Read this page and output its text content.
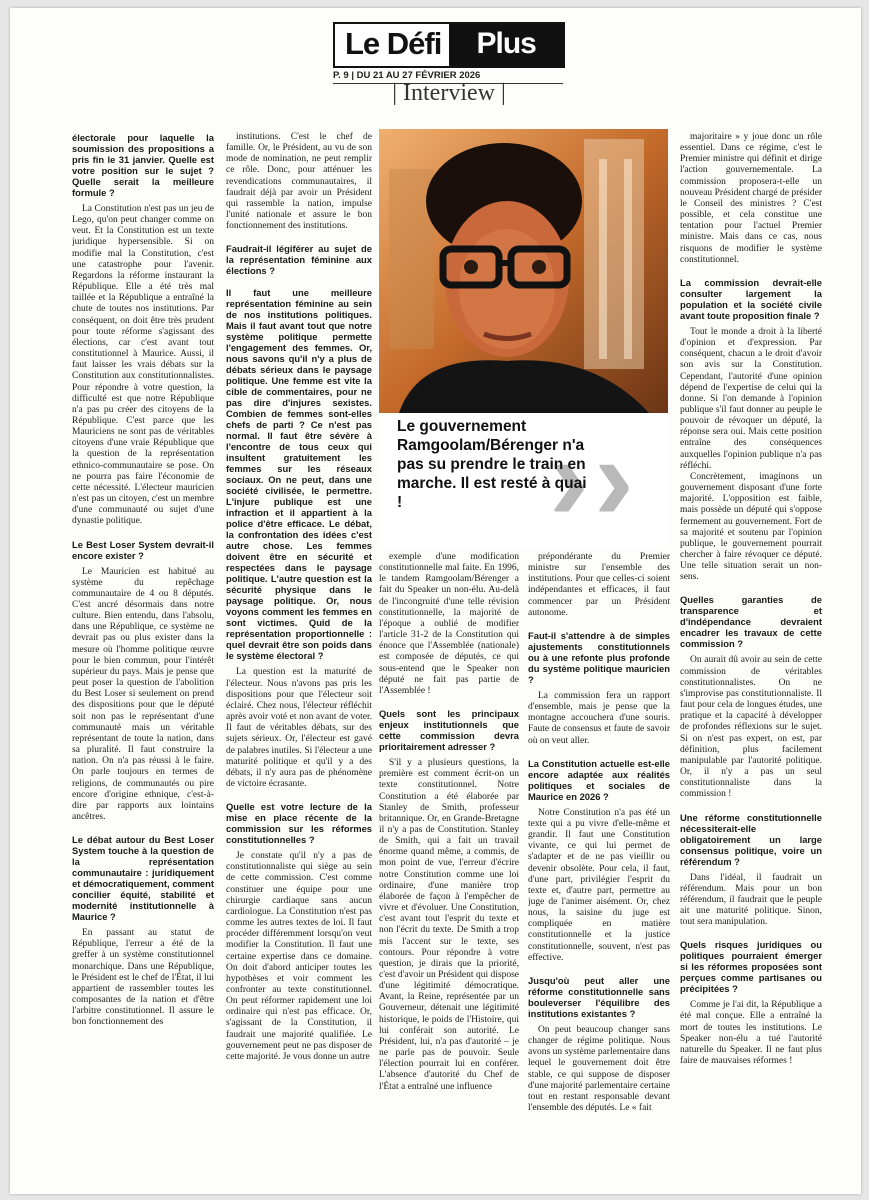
Le Défi	Plus
P. 9 | DU 21 AU 27 FÉVRIER 2026
| Interview |
› ›
Le gouvernement Ramgoolam/Bérenger n'a pas su prendre le train en marche. Il est resté à quai !

électorale pour laquelle la soumission des propositions a pris fin le 31 janvier. Quelle est votre position sur le sujet ? Quelle serait la meilleure formule ?

La Constitution n'est pas un jeu de Lego, qu'on peut changer comme on veut. Et la Constitution est un texte juridique hypersensible. Si on modifie mal la Constitution, c'est une catastrophe pour l'avenir. Regardons la réforme instaurant la République. Elle a été très mal taillée et la République a entraîné la chute de toutes nos institutions. Par conséquent, on doit être très prudent pour toute réforme s'agissant des élections, car c'est avant tout constitutionnel à Maurice. Aussi, il faut laisser les vrais débats sur la Constitution aux constitutionnalistes. Pour répondre à votre question, la difficulté est que notre République n'a pas pu créer des citoyens de la République. C'est parce que les Mauriciens ne sont pas de véritables citoyens d'une vraie République que la question de la représentation ethnico-communautaire se pose. On ne pourra pas faire l'économie de cette nécessité. L'électeur mauricien n'est pas un citoyen, c'est un membre d'une communauté ou sujet d'une dynastie politique.

Le Best Loser System devrait-il encore exister ?

Le Mauricien est habitué au système du repêchage communautaire de 4 ou 8 députés. C'est ancré désormais dans notre culture. Bien entendu, dans l'absolu, dans une République, ce système ne devrait pas ou plus exister dans la mesure où l'homme politique œuvre pour le bien commun, pour l'intérêt supérieur du pays. Mais je pense que peut poser la question de l'abolition du Best Loser si seulement on prend des dispositions pour que le député soit non pas le représentant d'une communauté mais un véritable représentant de toute la nation, dans sa pluralité. Il faut construire la nation. On n'a pas réussi à le faire. On parle toujours en termes de religions, de communautés ou pire encore d'origine ethnique, c'est-à-dire par rapports aux lointains ancêtres.

Le débat autour du Best Loser System touche à la question de la représentation communautaire : juridiquement et démocratiquement, comment concilier équité, stabilité et modernité institutionnelle à Maurice ?

En passant au statut de République, l'erreur a été de la greffer à un système constitutionnel monarchique. Dans une République, le Président est le chef de l'État, il lui appartient de rassembler toutes les composantes de la nation et d'être l'arbitre constitutionnel. Il assure le bon fonctionnement des

institutions. C'est le chef de famille. Or, le Président, au vu de son mode de nomination, ne peut remplir ce rôle. Donc, pour atténuer les revendications communautaires, il faudrait déjà par avoir un Président qui rassemble la nation, impulse l'unité nationale et assure le bon fonctionnement des institutions.

Faudrait-il légiférer au sujet de la représentation féminine aux élections ?

Il faut une meilleure représentation féminine au sein de nos institutions politiques. Mais il faut avant tout que notre système politique permette l'engagement des femmes. Or, nous savons qu'il n'y a plus de débats sérieux dans le paysage politique. Une femme est vite la cible de commentaires, pour ne pas dire d'injures sexistes. Combien de femmes sont-elles chefs de parti ? Ce n'est pas normal. Il faut être sévère à l'encontre de tous ceux qui insultent gratuitement les femmes sur les réseaux sociaux. On ne peut, dans une société civilisée, le permettre. L'injure publique est une infraction et il appartient à la police d'être efficace. Le débat, la confrontation des idées c'est autre chose. Les femmes doivent être en sécurité et respectées dans le paysage politique. L'autre question est la sécurité physique dans le paysage politique. Or, nous voyons comment les femmes en sont victimes. Quid de la représentation proportionnelle : quel devrait être son poids dans le système électoral ?

La question est la maturité de l'électeur. Nous n'avons pas pris les dispositions pour que l'électeur soit éclairé. Chez nous, l'électeur réfléchit après avoir voté et non avant de voter. Il faut de véritables débats, sur des sujets sérieux. Or, l'électeur est gavé de palabres inutiles. Si l'électeur a une maturité politique et qu'il y a des débats, il n'y aura pas de phénomène de victoire écrasante.

Quelle est votre lecture de la mise en place récente de la commission sur les réformes constitutionnelles ?

Je constate qu'il n'y a pas de constitutionnaliste qui siège au sein de cette commission. C'est comme constituer une équipe pour une chirurgie cardiaque sans aucun cardiologue. La Constitution n'est pas comme les autres textes de loi. Il faut procéder différemment lorsqu'on veut modifier la Constitution. Il faut une certaine expertise dans ce domaine. On doit d'abord anticiper toutes les hypothèses et voir comment les confronter au texte constitutionnel. On peut réformer rapidement une loi ordinaire qui n'est pas efficace. Or, s'agissant de la Constitution, il faudrait une majorité qualifiée. Le gouvernement peut ne pas disposer de cette majorité. Je vous donne un autre

exemple d'une modification constitutionnelle mal faite. En 1996, le tandem Ramgoolam/Bérenger a fait du Speaker un non-élu. Au-delà de l'incongruité d'une telle révision constitutionnelle, la majorité de l'époque a oublié de modifier l'article 31-2 de la Constitution qui énonce que l'Assemblée (nationale) est composée de députés, ce qui sous-entend que le Speaker non député ne fait pas partie de l'Assemblée !

Quels sont les principaux enjeux institutionnels que cette commission devra prioritairement adresser ?

S'il y a plusieurs questions, la première est comment écrit-on un texte constitutionnel. Notre Constitution a été élaborée par Stanley de Smith, professeur britannique. Or, en Grande-Bretagne il n'y a pas de Constitution. Stanley de Smith, qui a fait un travail énorme quand même, a commis, de mon point de vue, l'erreur d'écrire notre Constitution comme une loi ordinaire, d'une manière trop élaborée de façon à l'empêcher de vivre et d'évoluer. Une Constitution, c'est avant tout l'esprit du texte et non l'écrit du texte. De Smith a trop mis l'accent sur le texte, ses contours. Pour répondre à votre question, je dirais que la priorité, c'est d'avoir un Président qui dispose d'une légitimité démocratique. Avant, la Reine, représentée par un Gouverneur, détenait une légitimité historique, le poids de l'Histoire, qui lui conférait son autorité. Le Président, lui, n'a pas d'autorité – je ne parle pas de pouvoir. Seule l'élection pourrait lui en conférer. L'absence d'autorité du Chef de l'État a entraîné une influence

prépondérante du Premier ministre sur l'ensemble des institutions. Pour que celles-ci soient indépendantes et efficaces, il faut commencer par un Président autonome.

Faut-il s'attendre à de simples ajustements constitutionnels ou à une refonte plus profonde du système politique mauricien ?

La commission fera un rapport d'ensemble, mais je pense que la montagne accouchera d'une souris. Faute de consensus et faute de savoir où on veut aller.

La Constitution actuelle est-elle encore adaptée aux réalités politiques et sociales de Maurice en 2026 ?

Notre Constitution n'a pas été un texte qui a pu vivre d'elle-même et grandir. Il faut une Constitution vivante, ce qui lui permet de s'adapter et de ne pas vieillir ou devenir obsolète. Pour cela, il faut, d'une part, privilégier l'esprit du texte et, d'autre part, permettre au juge de l'animer aisément. Or, chez nous, la saisine du juge est compliquée en matière constitutionnelle et la justice constitutionnelle, souvent, n'est pas effective.

Jusqu'où peut aller une réforme constitutionnelle sans bouleverser l'équilibre des institutions existantes ?

On peut beaucoup changer sans changer de régime politique. Nous avons un système parlementaire dans lequel le gouvernement doit être stable, ce qui suppose de disposer d'une majorité parlementaire certaine tout en restant responsable devant l'ensemble des députés. Le « fait

majoritaire » y joue donc un rôle essentiel. Dans ce régime, c'est le Premier ministre qui définit et dirige l'action gouvernementale. La commission proposera-t-elle un nouveau Président chargé de présider le Conseil des ministres ? C'est possible, et cela constitue une tentation pour l'actuel Premier ministre. Mais dans ce cas, nous risquons de modifier le système constitutionnel.

La commission devrait-elle consulter largement la population et la société civile avant toute proposition finale ?

Tout le monde a droit à la liberté d'opinion et d'expression. Par conséquent, chacun a le droit d'avoir son avis sur la Constitution. Cependant, l'autorité d'une opinion dépend de l'expertise de celui qui la donne. Si l'on demande à l'opinion publique s'il faut donner au peuple le pouvoir de révoquer un député, la réponse sera oui. Mais cette position entraîne des conséquences auxquelles l'opinion publique n'a pas réfléchi.

Concrètement, imaginons un gouvernement disposant d'une forte majorité. L'opposition est faible, mais possède un député qui s'oppose fermement au gouvernement. Fort de sa majorité et soutenu par l'opinion publique, le gouvernement pourrait chercher à faire révoquer ce député. Une telle situation serait un non-sens.

Quelles garanties de transparence et d'indépendance devraient encadrer les travaux de cette commission ?

On aurait dû avoir au sein de cette commission de véritables constitutionnalistes. On ne s'improvise pas constitutionnaliste. Il faut pour cela de longues études, une pratique et la capacité à développer de profondes réflexions sur le sujet. Si on n'est pas expert, on est, par définition, plus facilement manipulable par l'autorité politique. Or, il n'y a pas un seul constitutionnaliste dans la commission !

Une réforme constitutionnelle nécessiterait-elle obligatoirement un large consensus politique, voire un référendum ?

Dans l'idéal, il faudrait un référendum. Mais pour un bon référendum, il faudrait que le peuple ait une maturité politique. Sinon, tout sera manipulation.

Quels risques juridiques ou politiques pourraient émerger si les réformes proposées sont perçues comme partisanes ou précipitées ?

Comme je l'ai dit, la République a été mal conçue. Elle a entraîné la mort de toutes les institutions. Le Speaker non-élu a tué l'autorité naturelle du Speaker. Il ne faut plus faire de mauvaises réformes !
